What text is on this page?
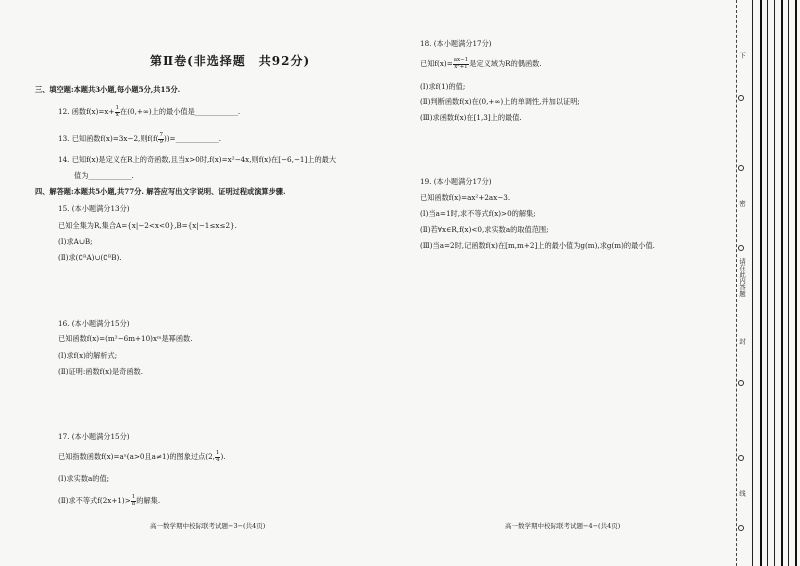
第Ⅱ卷(非选择题　共92分)
三、填空题:本题共3小题,每小题5分,共15分.
12. 函数$f(x)=x+ \frac{1}{x}$ 在(0,+∞)上的最小值是____________.
13. 已知函数f(x)=3x−2,则$f(f( \frac{7}{9}$ ))=____________.
14. 已知f(x)是定义在R上的奇函数,且当x>0时,f(x)=x²−4x,则f(x)在[−6,−1]上的最大
值为____________.
四、解答题:本题共5小题,共77分. 解答应写出文字说明、证明过程或演算步骤.
15. (本小题满分13分)
已知全集为R,集合A={x|−2<x<0},B={x|−1≤x≤2}.
(Ⅰ)求A∪B;
(Ⅱ)求(∁ᴿA)∪(∁ᴿB).
16. (本小题满分15分)
已知函数f(x)=(m²−6m+10)xᵐ是幂函数.
(Ⅰ)求f(x)的解析式;
(Ⅱ)证明:函数f(x)是奇函数.
17. (本小题满分15分)
已知指数函数f(x)=aˣ(a>0且a≠1)的图象过点(2, $\frac{1}{4}$ ).
(Ⅰ)求实数a的值;
(Ⅱ)求不等式$f(2x+1)> \frac{1}{8}$ 的解集.
高一数学期中校际联考试题−3−(共4页)
18. (本小题满分17分)
已知$f(x)= \frac{ax-1}{\text{x²+1}}$ 是定义域为R的偶函数.
(Ⅰ)求f(1)的值;
(Ⅱ)判断函数f(x)在(0,+∞)上的单调性,并加以证明;
(Ⅲ)求函数f(x)在[1,3]上的最值.
19. (本小题满分17分)
已知函数f(x)=ax²+2ax−3.
(Ⅰ)当a=1时,求不等式f(x)>0的解集;
(Ⅱ)若∀x∈R,f(x)<0,求实数a的取值范围;
(Ⅲ)当a=2时,记函数f(x)在[m,m+2]上的最小值为g(m),求g(m)的最小值.
高一数学期中校际联考试题−4−(共4页)
下
密
请在此内答题
封
线
